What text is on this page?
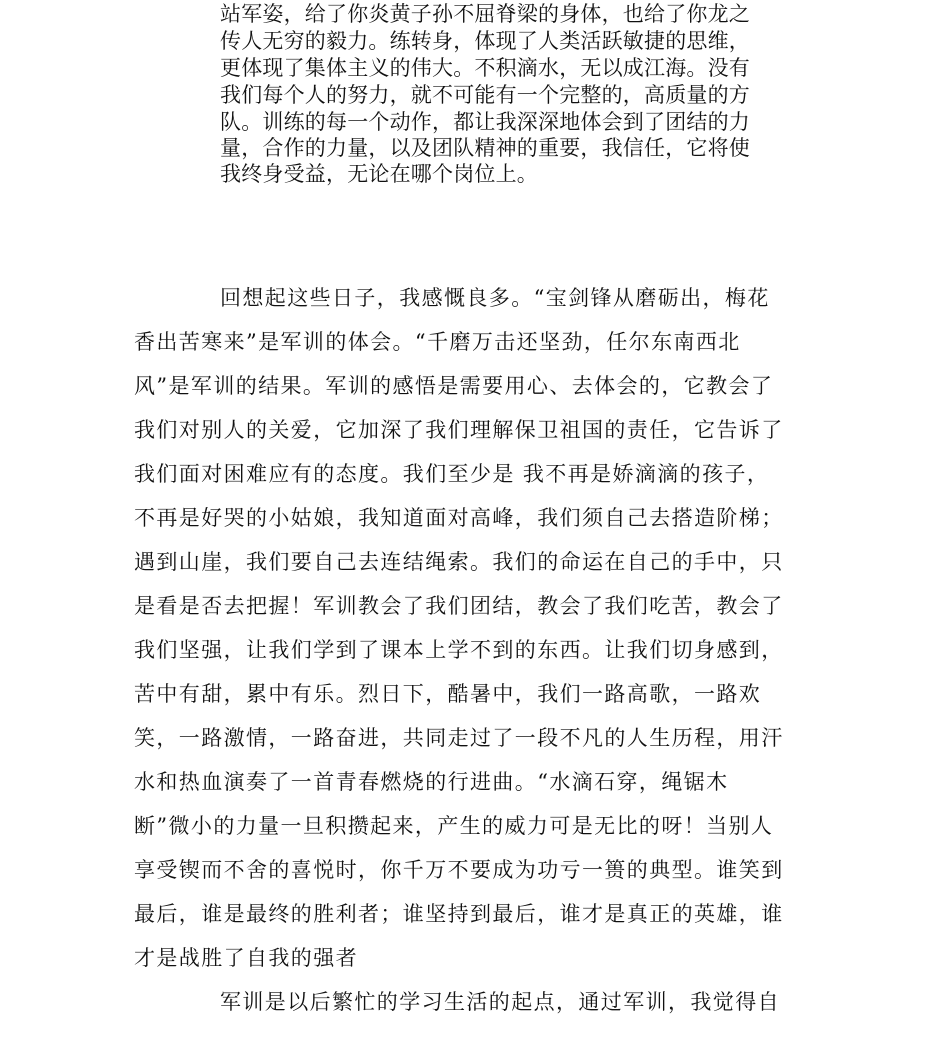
站军姿，给了你炎黄子孙不屈脊梁的身体，也给了你龙之

传人无穷的毅力。练转身，体现了人类活跃敏捷的思维，

更体现了集体主义的伟大。不积滴水，无以成江海。没有

我们每个人的努力，就不可能有一个完整的，高质量的方

队。训练的每一个动作，都让我深深地体会到了团结的力

量，合作的力量，以及团队精神的重要，我信任，它将使

我终身受益，无论在哪个岗位上。

回想起这些日子，我感慨良多。“宝剑锋从磨砺出，梅花

香出苦寒来”是军训的体会。“千磨万击还坚劲，任尔东南西北

风”是军训的结果。军训的感悟是需要用心、去体会的，它教会了

我们对别人的关爱，它加深了我们理解保卫祖国的责任，它告诉了

我们面对困难应有的态度。我们至少是 我不再是娇滴滴的孩子，

不再是好哭的小姑娘，我知道面对高峰，我们须自己去搭造阶梯；

遇到山崖，我们要自己去连结绳索。我们的命运在自己的手中，只

是看是否去把握！军训教会了我们团结，教会了我们吃苦，教会了

我们坚强，让我们学到了课本上学不到的东西。让我们切身感到，

苦中有甜，累中有乐。烈日下，酷暑中，我们一路高歌，一路欢

笑，一路激情，一路奋进，共同走过了一段不凡的人生历程，用汗

水和热血演奏了一首青春燃烧的行进曲。“水滴石穿，绳锯木

断”微小的力量一旦积攒起来，产生的威力可是无比的呀！当别人

享受锲而不舍的喜悦时，你千万不要成为功亏一篑的典型。谁笑到

最后，谁是最终的胜利者；谁坚持到最后，谁才是真正的英雄，谁

才是战胜了自我的强者

军训是以后繁忙的学习生活的起点，通过军训，我觉得自
